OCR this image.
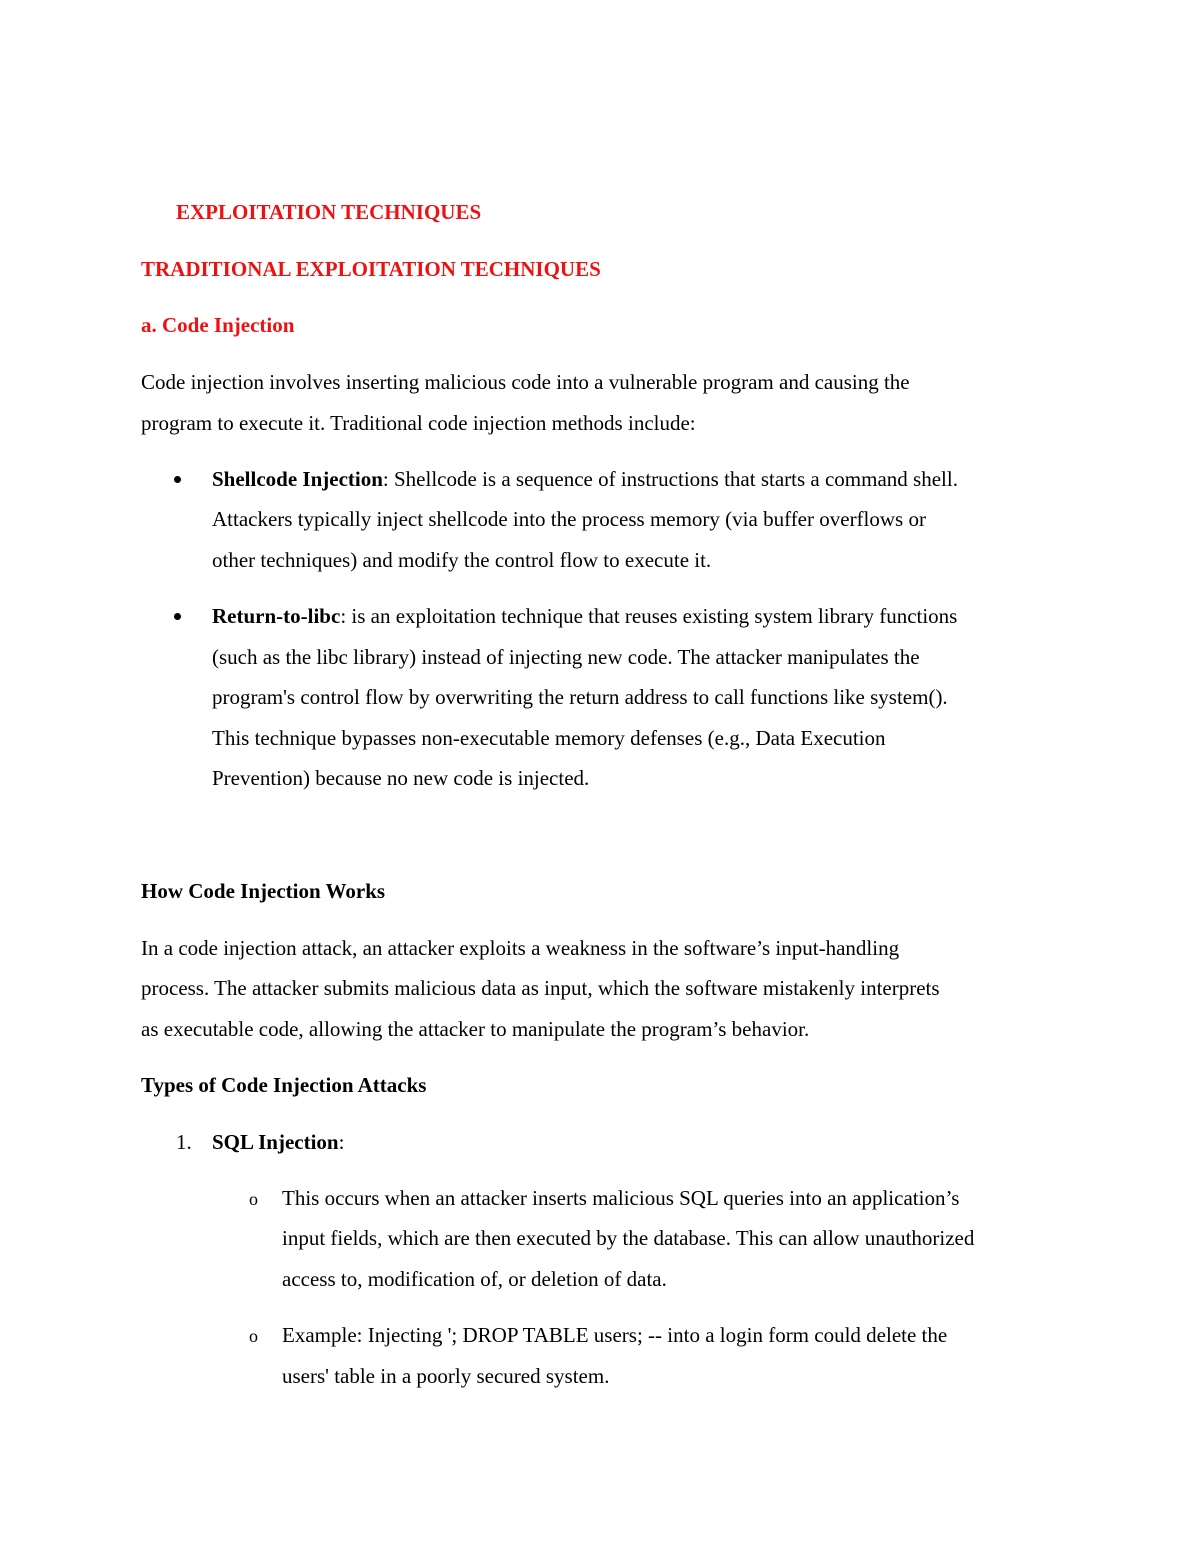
EXPLOITATION TECHNIQUES
TRADITIONAL EXPLOITATION TECHNIQUES
a. Code Injection
Code injection involves inserting malicious code into a vulnerable program and causing the
program to execute it. Traditional code injection methods include:
Shellcode Injection: Shellcode is a sequence of instructions that starts a command shell.
Attackers typically inject shellcode into the process memory (via buffer overflows or
other techniques) and modify the control flow to execute it.
Return-to-libc: is an exploitation technique that reuses existing system library functions
(such as the libc library) instead of injecting new code. The attacker manipulates the
program's control flow by overwriting the return address to call functions like system().
This technique bypasses non-executable memory defenses (e.g., Data Execution
Prevention) because no new code is injected.
How Code Injection Works
In a code injection attack, an attacker exploits a weakness in the software’s input-handling
process. The attacker submits malicious data as input, which the software mistakenly interprets
as executable code, allowing the attacker to manipulate the program’s behavior.
Types of Code Injection Attacks
1. SQL Injection:
o This occurs when an attacker inserts malicious SQL queries into an application’s
input fields, which are then executed by the database. This can allow unauthorized
access to, modification of, or deletion of data.
o Example: Injecting '; DROP TABLE users; -- into a login form could delete the
users' table in a poorly secured system.
